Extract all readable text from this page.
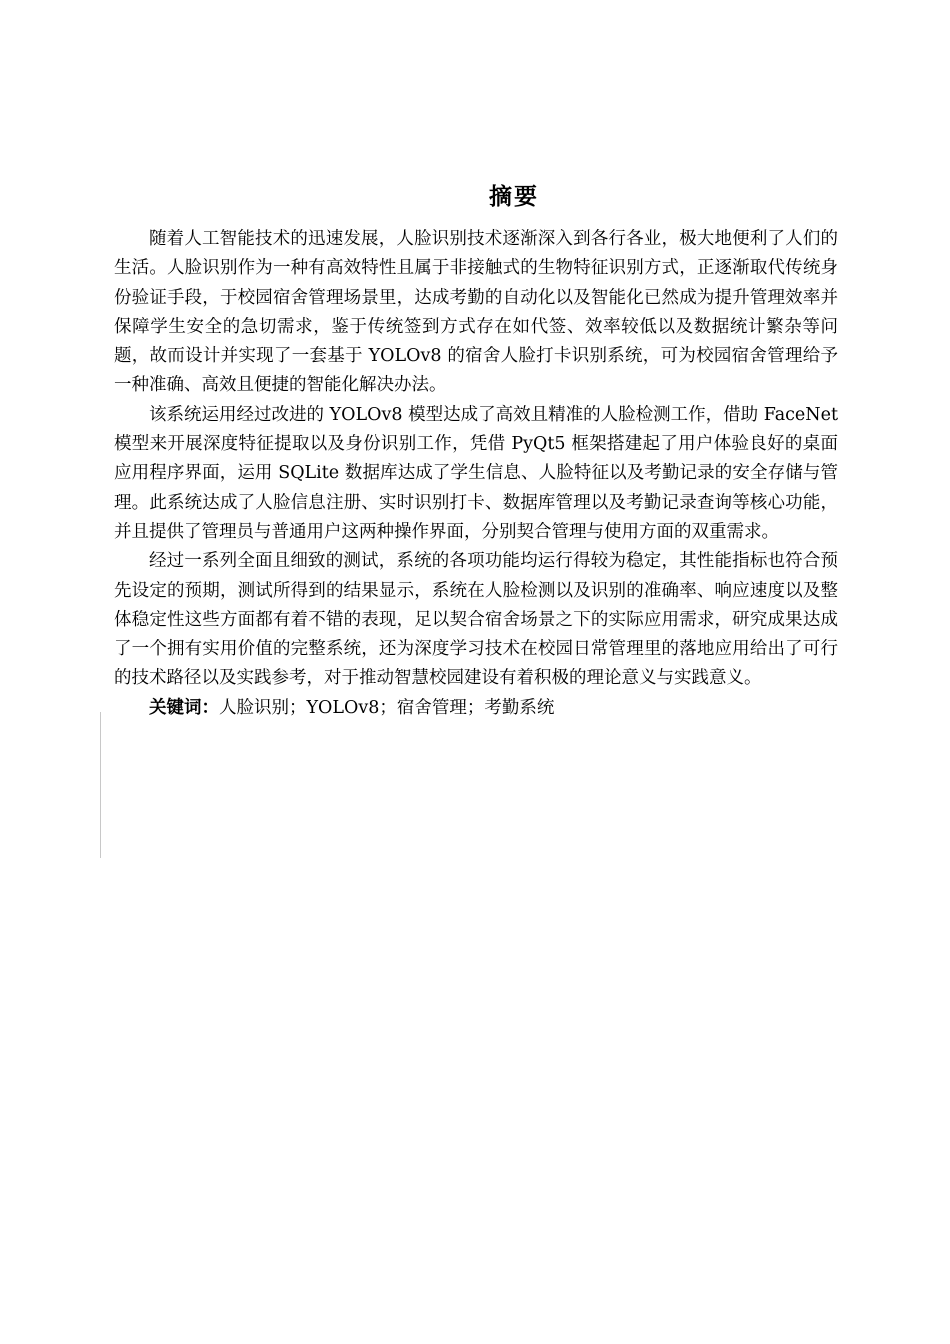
摘要

随着人工智能技术的迅速发展，人脸识别技术逐渐深入到各行各业，极大地便利了人们的生活。人脸识别作为一种有高效特性且属于非接触式的生物特征识别方式，正逐渐取代传统身份验证手段，于校园宿舍管理场景里，达成考勤的自动化以及智能化已然成为提升管理效率并保障学生安全的急切需求，鉴于传统签到方式存在如代签、效率较低以及数据统计繁杂等问题，故而设计并实现了一套基于 YOLOv8 的宿舍人脸打卡识别系统，可为校园宿舍管理给予一种准确、高效且便捷的智能化解决办法。

该系统运用经过改进的 YOLOv8 模型达成了高效且精准的人脸检测工作，借助 FaceNet 模型来开展深度特征提取以及身份识别工作，凭借 PyQt5 框架搭建起了用户体验良好的桌面应用程序界面，运用 SQLite 数据库达成了学生信息、人脸特征以及考勤记录的安全存储与管理。此系统达成了人脸信息注册、实时识别打卡、数据库管理以及考勤记录查询等核心功能，并且提供了管理员与普通用户这两种操作界面，分别契合管理与使用方面的双重需求。

经过一系列全面且细致的测试，系统的各项功能均运行得较为稳定，其性能指标也符合预先设定的预期，测试所得到的结果显示，系统在人脸检测以及识别的准确率、响应速度以及整体稳定性这些方面都有着不错的表现，足以契合宿舍场景之下的实际应用需求，研究成果达成了一个拥有实用价值的完整系统，还为深度学习技术在校园日常管理里的落地应用给出了可行的技术路径以及实践参考，对于推动智慧校园建设有着积极的理论意义与实践意义。

关键词：人脸识别；YOLOv8；宿舍管理；考勤系统
